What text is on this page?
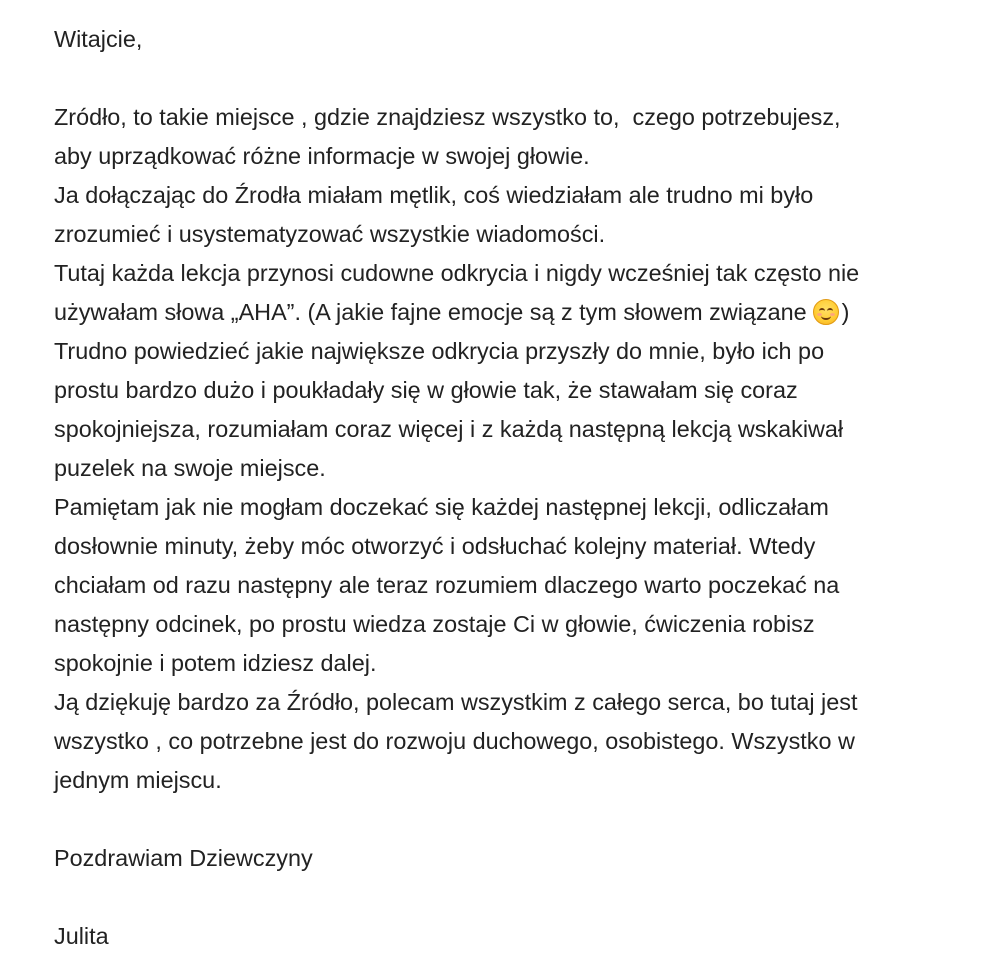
Witajcie,
Zródło, to takie miejsce , gdzie znajdziesz wszystko to,  czego potrzebujesz,
aby uprządkować różne informacje w swojej głowie.
Ja dołączając do Źrodła miałam mętlik, coś wiedziałam ale trudno mi było
zrozumieć i usystematyzować wszystkie wiadomości.
Tutaj każda lekcja przynosi cudowne odkrycia i nigdy wcześniej tak często nie
używałam słowa „AHA”. (A jakie fajne emocje są z tym słowem związane )
Trudno powiedzieć jakie największe odkrycia przyszły do mnie, było ich po
prostu bardzo dużo i poukładały się w głowie tak, że stawałam się coraz
spokojniejsza, rozumiałam coraz więcej i z każdą następną lekcją wskakiwał
puzelek na swoje miejsce.
Pamiętam jak nie mogłam doczekać się każdej następnej lekcji, odliczałam
dosłownie minuty, żeby móc otworzyć i odsłuchać kolejny materiał. Wtedy
chciałam od razu następny ale teraz rozumiem dlaczego warto poczekać na
następny odcinek, po prostu wiedza zostaje Ci w głowie, ćwiczenia robisz
spokojnie i potem idziesz dalej.
Ją dziękuję bardzo za Źródło, polecam wszystkim z całego serca, bo tutaj jest
wszystko , co potrzebne jest do rozwoju duchowego, osobistego. Wszystko w
jednym miejscu.
Pozdrawiam Dziewczyny
Julita
